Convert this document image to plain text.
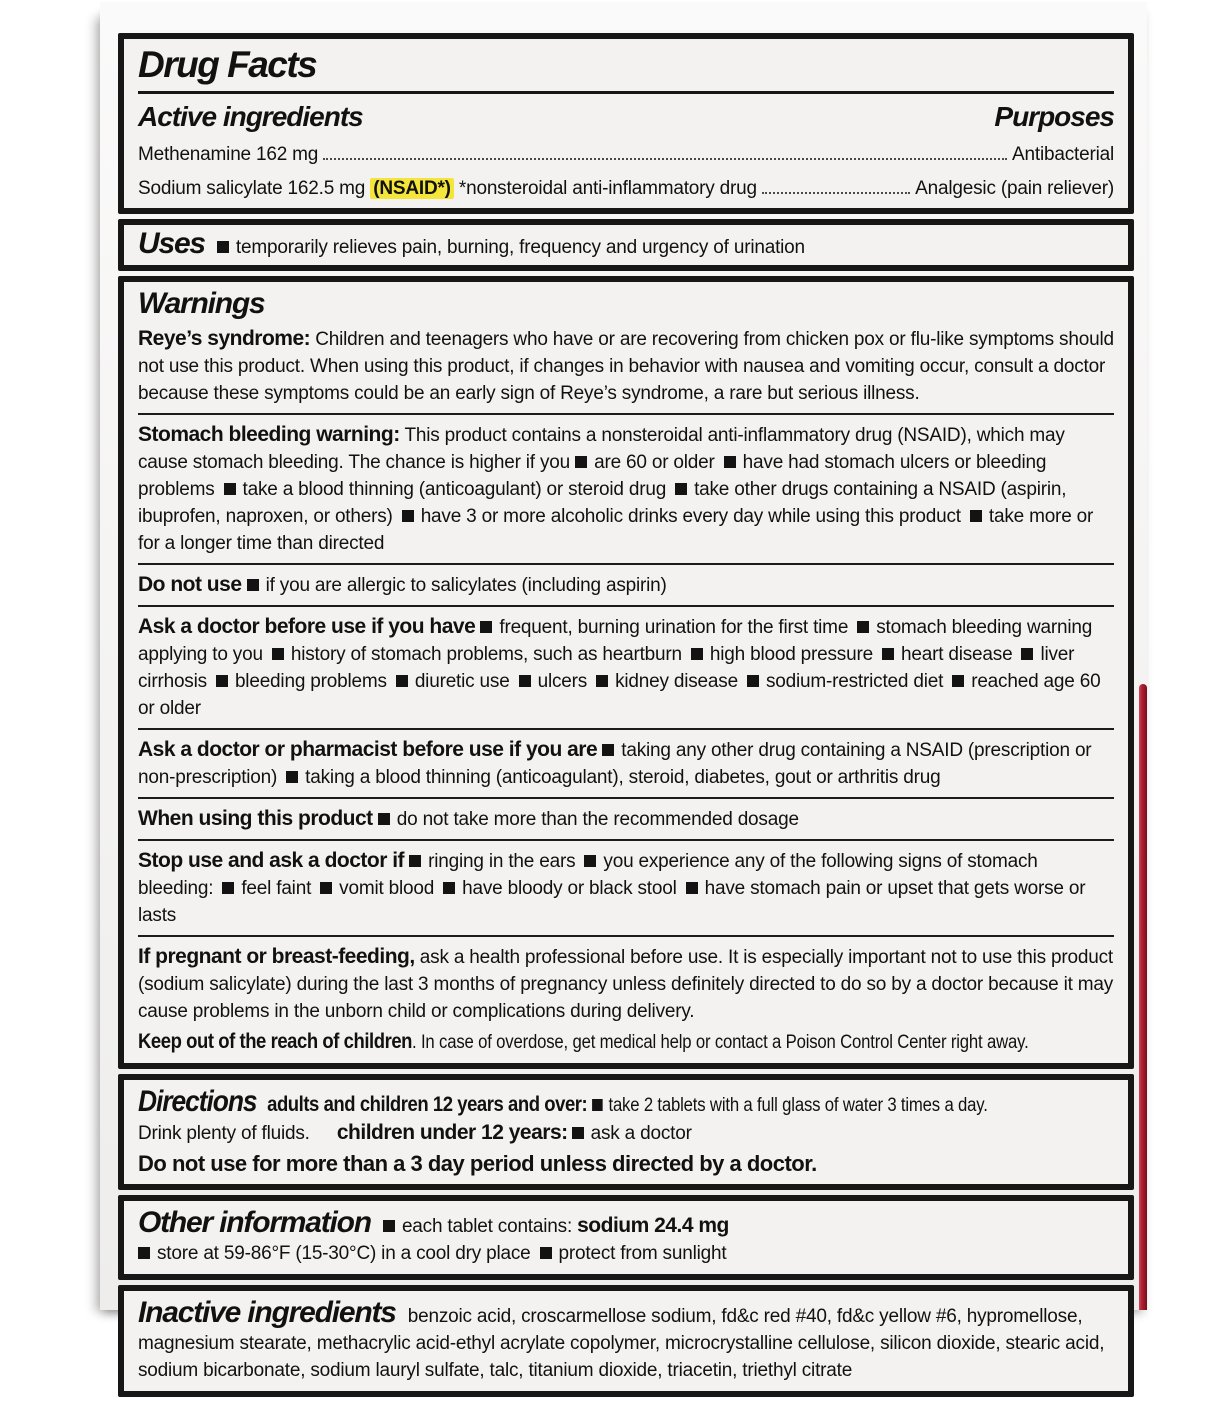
Drug Facts
Active ingredients	Purposes
Methenamine 162 mg	Antibacterial
Sodium salicylate 162.5 mg (NSAID*) *nonsteroidal anti-inflammatory drug	Analgesic (pain reliever)

Uses temporarily relieves pain, burning, frequency and urgency of urination

Warnings

Reye’s syndrome: Children and teenagers who have or are recovering from chicken pox or flu-like symptoms should not use this product. When using this product, if changes in behavior with nausea and vomiting occur, consult a doctor because these symptoms could be an early sign of Reye’s syndrome, a rare but serious illness.

Stomach bleeding warning: This product contains a nonsteroidal anti-inflammatory drug (NSAID), which may cause stomach bleeding. The chance is higher if you are 60 or older have had stomach ulcers or bleeding problems take a blood thinning (anticoagulant) or steroid drug take other drugs containing a NSAID (aspirin, ibuprofen, naproxen, or others) have 3 or more alcoholic drinks every day while using this product take more or for a longer time than directed

Do not use if you are allergic to salicylates (including aspirin)

Ask a doctor before use if you have frequent, burning urination for the first time stomach bleeding warning applying to you history of stomach problems, such as heartburn high blood pressure heart disease liver cirrhosis bleeding problems diuretic use ulcers kidney disease sodium-restricted diet reached age 60 or older

Ask a doctor or pharmacist before use if you are taking any other drug containing a NSAID (prescription or non-prescription) taking a blood thinning (anticoagulant), steroid, diabetes, gout or arthritis drug

When using this product do not take more than the recommended dosage

Stop use and ask a doctor if ringing in the ears you experience any of the following signs of stomach bleeding: feel faint vomit blood have bloody or black stool have stomach pain or upset that gets worse or lasts

If pregnant or breast-feeding, ask a health professional before use. It is especially important not to use this product (sodium salicylate) during the last 3 months of pregnancy unless definitely directed to do so by a doctor because it may cause problems in the unborn child or complications during delivery.

Keep out of the reach of children. In case of overdose, get medical help or contact a Poison Control Center right away.

Directions adults and children 12 years and over: take 2 tablets with a full glass of water 3 times a day.

Drink plenty of fluids. children under 12 years: ask a doctor

Do not use for more than a 3 day period unless directed by a doctor.

Other information each tablet contains: sodium 24.4 mg

store at 59-86°F (15-30°C) in a cool dry place protect from sunlight

Inactive ingredients benzoic acid, croscarmellose sodium, fd&c red #40, fd&c yellow #6, hypromellose, magnesium stearate, methacrylic acid-ethyl acrylate copolymer, microcrystalline cellulose, silicon dioxide, stearic acid, sodium bicarbonate, sodium lauryl sulfate, talc, titanium dioxide, triacetin, triethyl citrate
